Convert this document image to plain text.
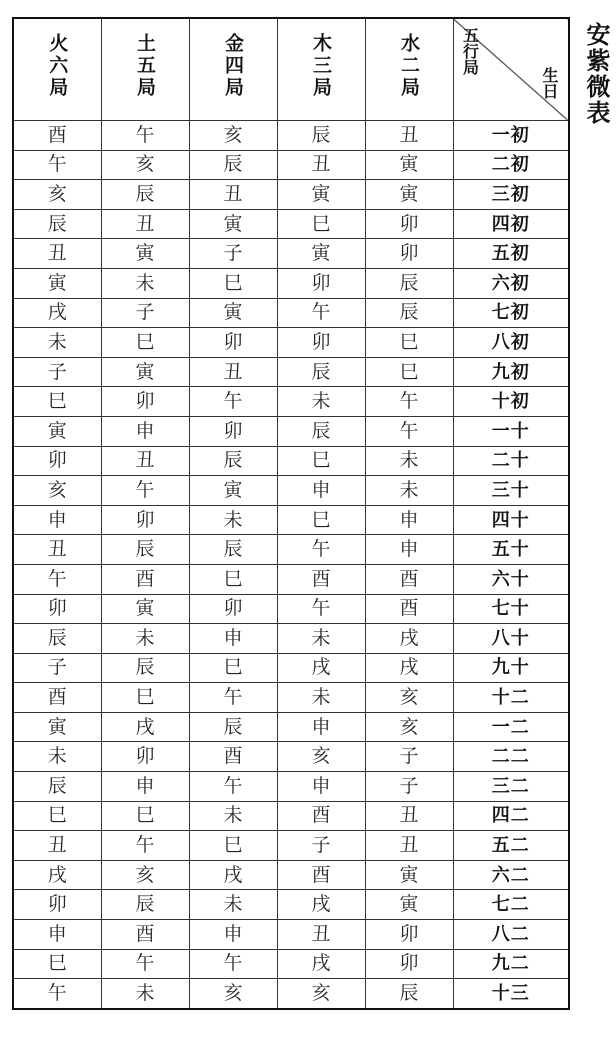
安紫微表
火六局	土五局	金四局	木三局	水二局	五行局
生日

酉	午	亥	辰	丑	一初
午	亥	辰	丑	寅	二初
亥	辰	丑	寅	寅	三初
辰	丑	寅	巳	卯	四初
丑	寅	子	寅	卯	五初
寅	未	巳	卯	辰	六初
戌	子	寅	午	辰	七初
未	巳	卯	卯	巳	八初
子	寅	丑	辰	巳	九初
巳	卯	午	未	午	十初
寅	申	卯	辰	午	一十
卯	丑	辰	巳	未	二十
亥	午	寅	申	未	三十
申	卯	未	巳	申	四十
丑	辰	辰	午	申	五十
午	酉	巳	酉	酉	六十
卯	寅	卯	午	酉	七十
辰	未	申	未	戌	八十
子	辰	巳	戌	戌	九十
酉	巳	午	未	亥	十二
寅	戌	辰	申	亥	一二
未	卯	酉	亥	子	二二
辰	申	午	申	子	三二
巳	巳	未	酉	丑	四二
丑	午	巳	子	丑	五二
戌	亥	戌	酉	寅	六二
卯	辰	未	戌	寅	七二
申	酉	申	丑	卯	八二
巳	午	午	戌	卯	九二
午	未	亥	亥	辰	十三
